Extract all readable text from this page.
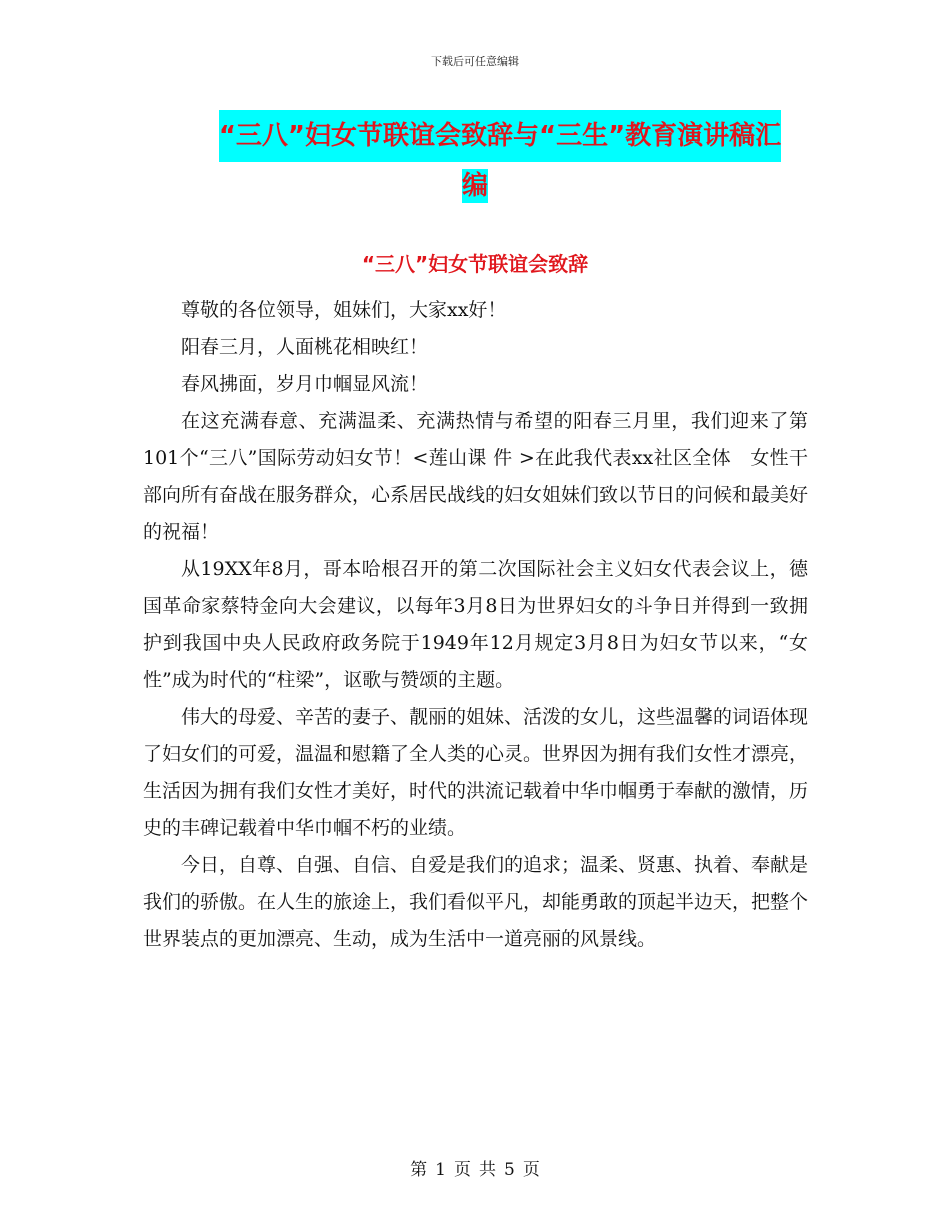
下载后可任意编辑
“三八”妇女节联谊会致辞与“三生”教育演讲稿汇
编
“三八”妇女节联谊会致辞

尊敬的各位领导，姐妹们，大家xx好！

阳春三月，人面桃花相映红！

春风拂面，岁月巾帼显风流！

在这充满春意、充满温柔、充满热情与希望的阳春三月里，我们迎来了第101个“三八”国际劳动妇女节！<莲山课 件 >在此我代表xx社区全体　女性干部向所有奋战在服务群众，心系居民战线的妇女姐妹们致以节日的问候和最美好的祝福！

从19XX年8月，哥本哈根召开的第二次国际社会主义妇女代表会议上，德国革命家蔡特金向大会建议，以每年3月8日为世界妇女的斗争日并得到一致拥护到我国中央人民政府政务院于1949年12月规定3月8日为妇女节以来，“女性”成为时代的“柱梁”，讴歌与赞颂的主题。

伟大的母爱、辛苦的妻子、靓丽的姐妹、活泼的女儿，这些温馨的词语体现了妇女们的可爱，温温和慰籍了全人类的心灵。世界因为拥有我们女性才漂亮，生活因为拥有我们女性才美好，时代的洪流记载着中华巾帼勇于奉献的激情，历史的丰碑记载着中华巾帼不朽的业绩。

今日，自尊、自强、自信、自爱是我们的追求；温柔、贤惠、执着、奉献是我们的骄傲。在人生的旅途上，我们看似平凡，却能勇敢的顶起半边天，把整个世界装点的更加漂亮、生动，成为生活中一道亮丽的风景线。

第 1 页 共 5 页
